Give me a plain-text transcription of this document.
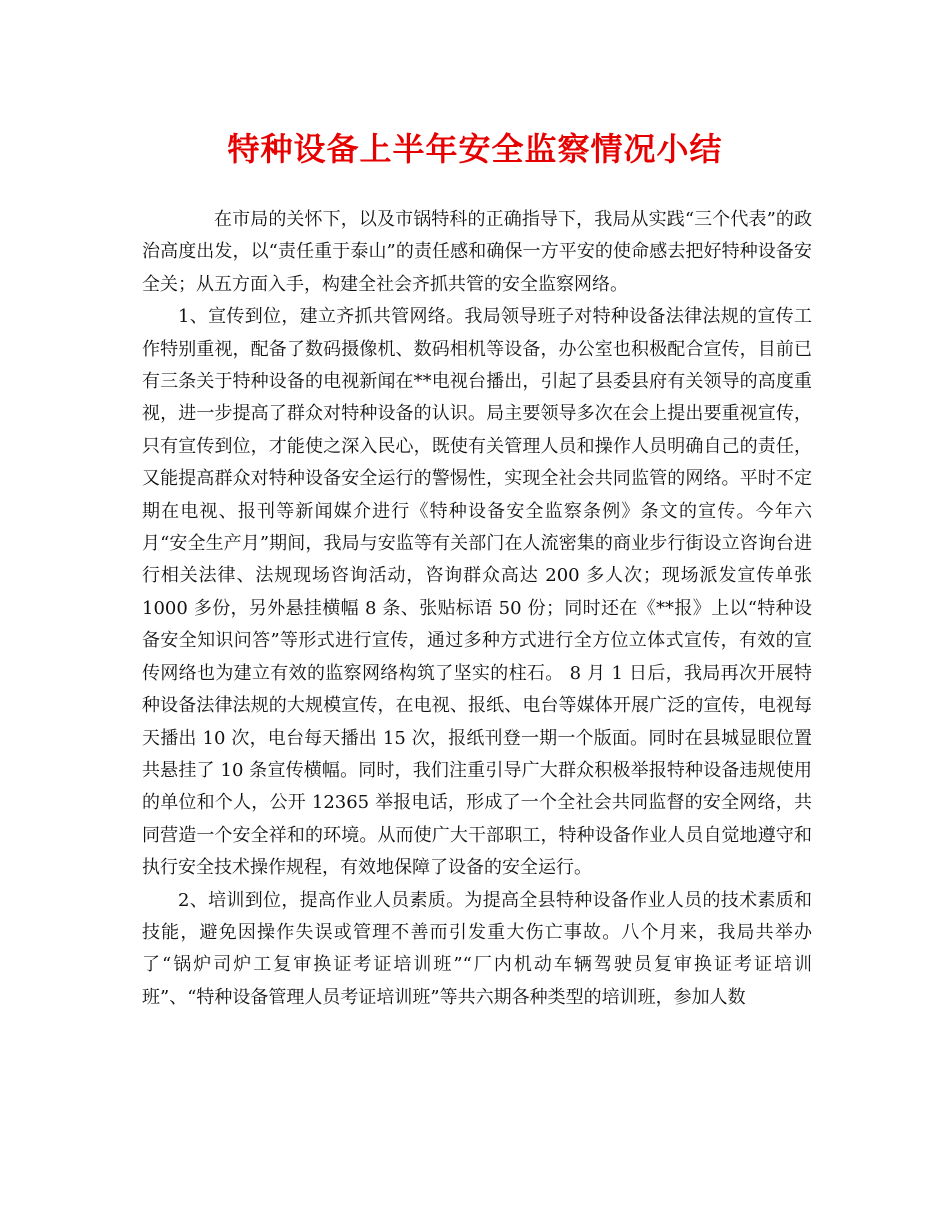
特种设备上半年安全监察情况小结

在市局的关怀下，以及市锅特科的正确指导下，我局从实践“三个代表”的政治高度出发，以“责任重于泰山”的责任感和确保一方平安的使命感去把好特种设备安全关；从五方面入手，构建全社会齐抓共管的安全监察网络。

1、宣传到位，建立齐抓共管网络。我局领导班子对特种设备法律法规的宣传工作特别重视，配备了数码摄像机、数码相机等设备，办公室也积极配合宣传，目前已有三条关于特种设备的电视新闻在**电视台播出，引起了县委县府有关领导的高度重视，进一步提高了群众对特种设备的认识。局主要领导多次在会上提出要重视宣传，只有宣传到位，才能使之深入民心，既使有关管理人员和操作人员明确自己的责任，又能提高群众对特种设备安全运行的警惕性，实现全社会共同监管的网络。平时不定期在电视、报刊等新闻媒介进行《特种设备安全监察条例》条文的宣传。今年六月“安全生产月”期间，我局与安监等有关部门在人流密集的商业步行街设立咨询台进行相关法律、法规现场咨询活动，咨询群众高达 200 多人次；现场派发宣传单张 1000 多份，另外悬挂横幅 8 条、张贴标语 50 份；同时还在《**报》上以“特种设备安全知识问答”等形式进行宣传，通过多种方式进行全方位立体式宣传，有效的宣传网络也为建立有效的监察网络构筑了坚实的柱石。 8 月 1 日后，我局再次开展特种设备法律法规的大规模宣传，在电视、报纸、电台等媒体开展广泛的宣传，电视每天播出 10 次，电台每天播出 15 次，报纸刊登一期一个版面。同时在县城显眼位置共悬挂了 10 条宣传横幅。同时，我们注重引导广大群众积极举报特种设备违规使用的单位和个人，公开 12365 举报电话，形成了一个全社会共同监督的安全网络，共同营造一个安全祥和的环境。从而使广大干部职工，特种设备作业人员自觉地遵守和执行安全技术操作规程，有效地保障了设备的安全运行。

2、培训到位，提高作业人员素质。为提高全县特种设备作业人员的技术素质和技能，避免因操作失误或管理不善而引发重大伤亡事故。八个月来，我局共举办了“锅炉司炉工复审换证考证培训班”“厂内机动车辆驾驶员复审换证考证培训班”、“特种设备管理人员考证培训班”等共六期各种类型的培训班，参加人数
